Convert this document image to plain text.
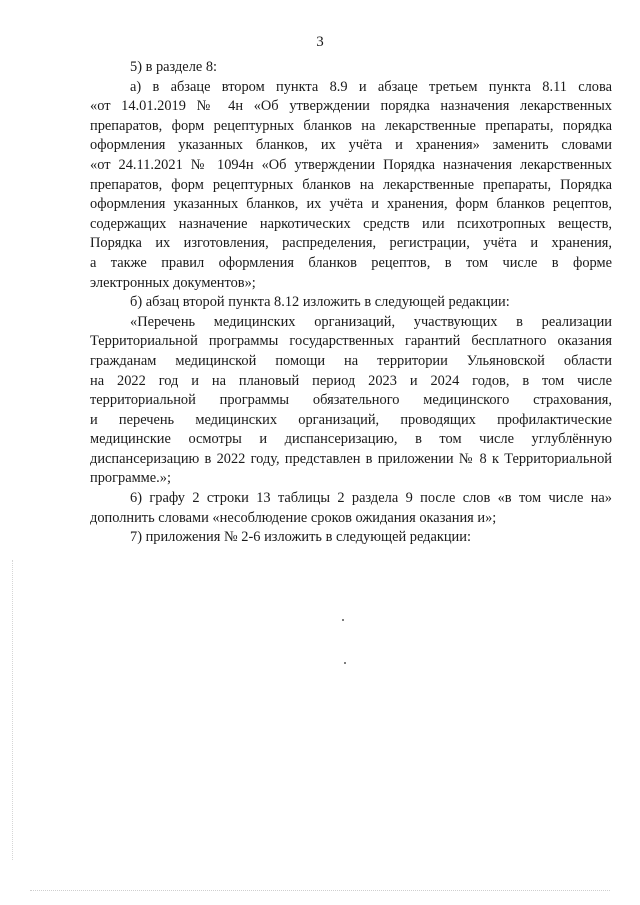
3
5) в разделе 8:
а) в абзаце втором пункта 8.9 и абзаце третьем пункта 8.11 слова
«от 14.01.2019 № 4н «Об утверждении порядка назначения лекарственных
препаратов, форм рецептурных бланков на лекарственные препараты, порядка
оформления указанных бланков, их учёта и хранения» заменить словами
«от 24.11.2021 № 1094н «Об утверждении Порядка назначения лекарственных
препаратов, форм рецептурных бланков на лекарственные препараты, Порядка
оформления указанных бланков, их учёта и хранения, форм бланков рецептов,
содержащих назначение наркотических средств или психотропных веществ,
Порядка их изготовления, распределения, регистрации, учёта и хранения,
а также правил оформления бланков рецептов, в том числе в форме
электронных документов»;
б) абзац второй пункта 8.12 изложить в следующей редакции:
«Перечень медицинских организаций, участвующих в реализации
Территориальной программы государственных гарантий бесплатного оказания
гражданам медицинской помощи на территории Ульяновской области
на 2022 год и на плановый период 2023 и 2024 годов, в том числе
территориальной программы обязательного медицинского страхования,
и перечень медицинских организаций, проводящих профилактические
медицинские осмотры и диспансеризацию, в том числе углублённую
диспансеризацию в 2022 году, представлен в приложении № 8 к Территориальной
программе.»;
6) графу 2 строки 13 таблицы 2 раздела 9 после слов «в том числе на»
дополнить словами «несоблюдение сроков ожидания оказания и»;
7) приложения № 2-6 изложить в следующей редакции:
